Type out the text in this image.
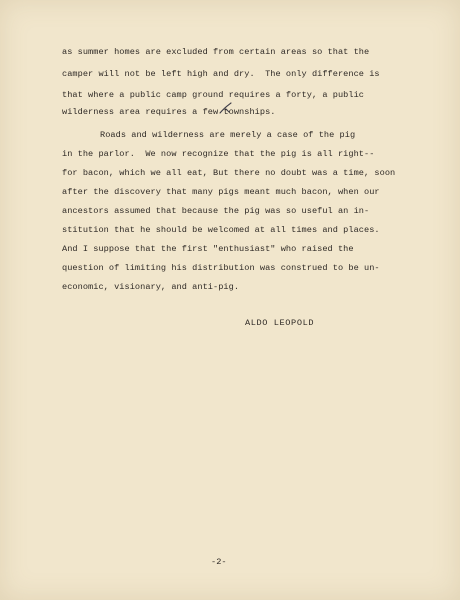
as summer homes are excluded from certain areas so that the
camper will not be left high and dry.  The only difference is
that where a public camp ground requires a forty, a public
wilderness area requires a few townships.
Roads and wilderness are merely a case of the pig
in the parlor.  We now recognize that the pig is all right--
for bacon, which we all eat, But there no doubt was a time, soon
after the discovery that many pigs meant much bacon, when our
ancestors assumed that because the pig was so useful an in-
stitution that he should be welcomed at all times and places.
And I suppose that the first "enthusiast" who raised the
question of limiting his distribution was construed to be un-
economic, visionary, and anti-pig.
ALDO LEOPOLD
-2-
